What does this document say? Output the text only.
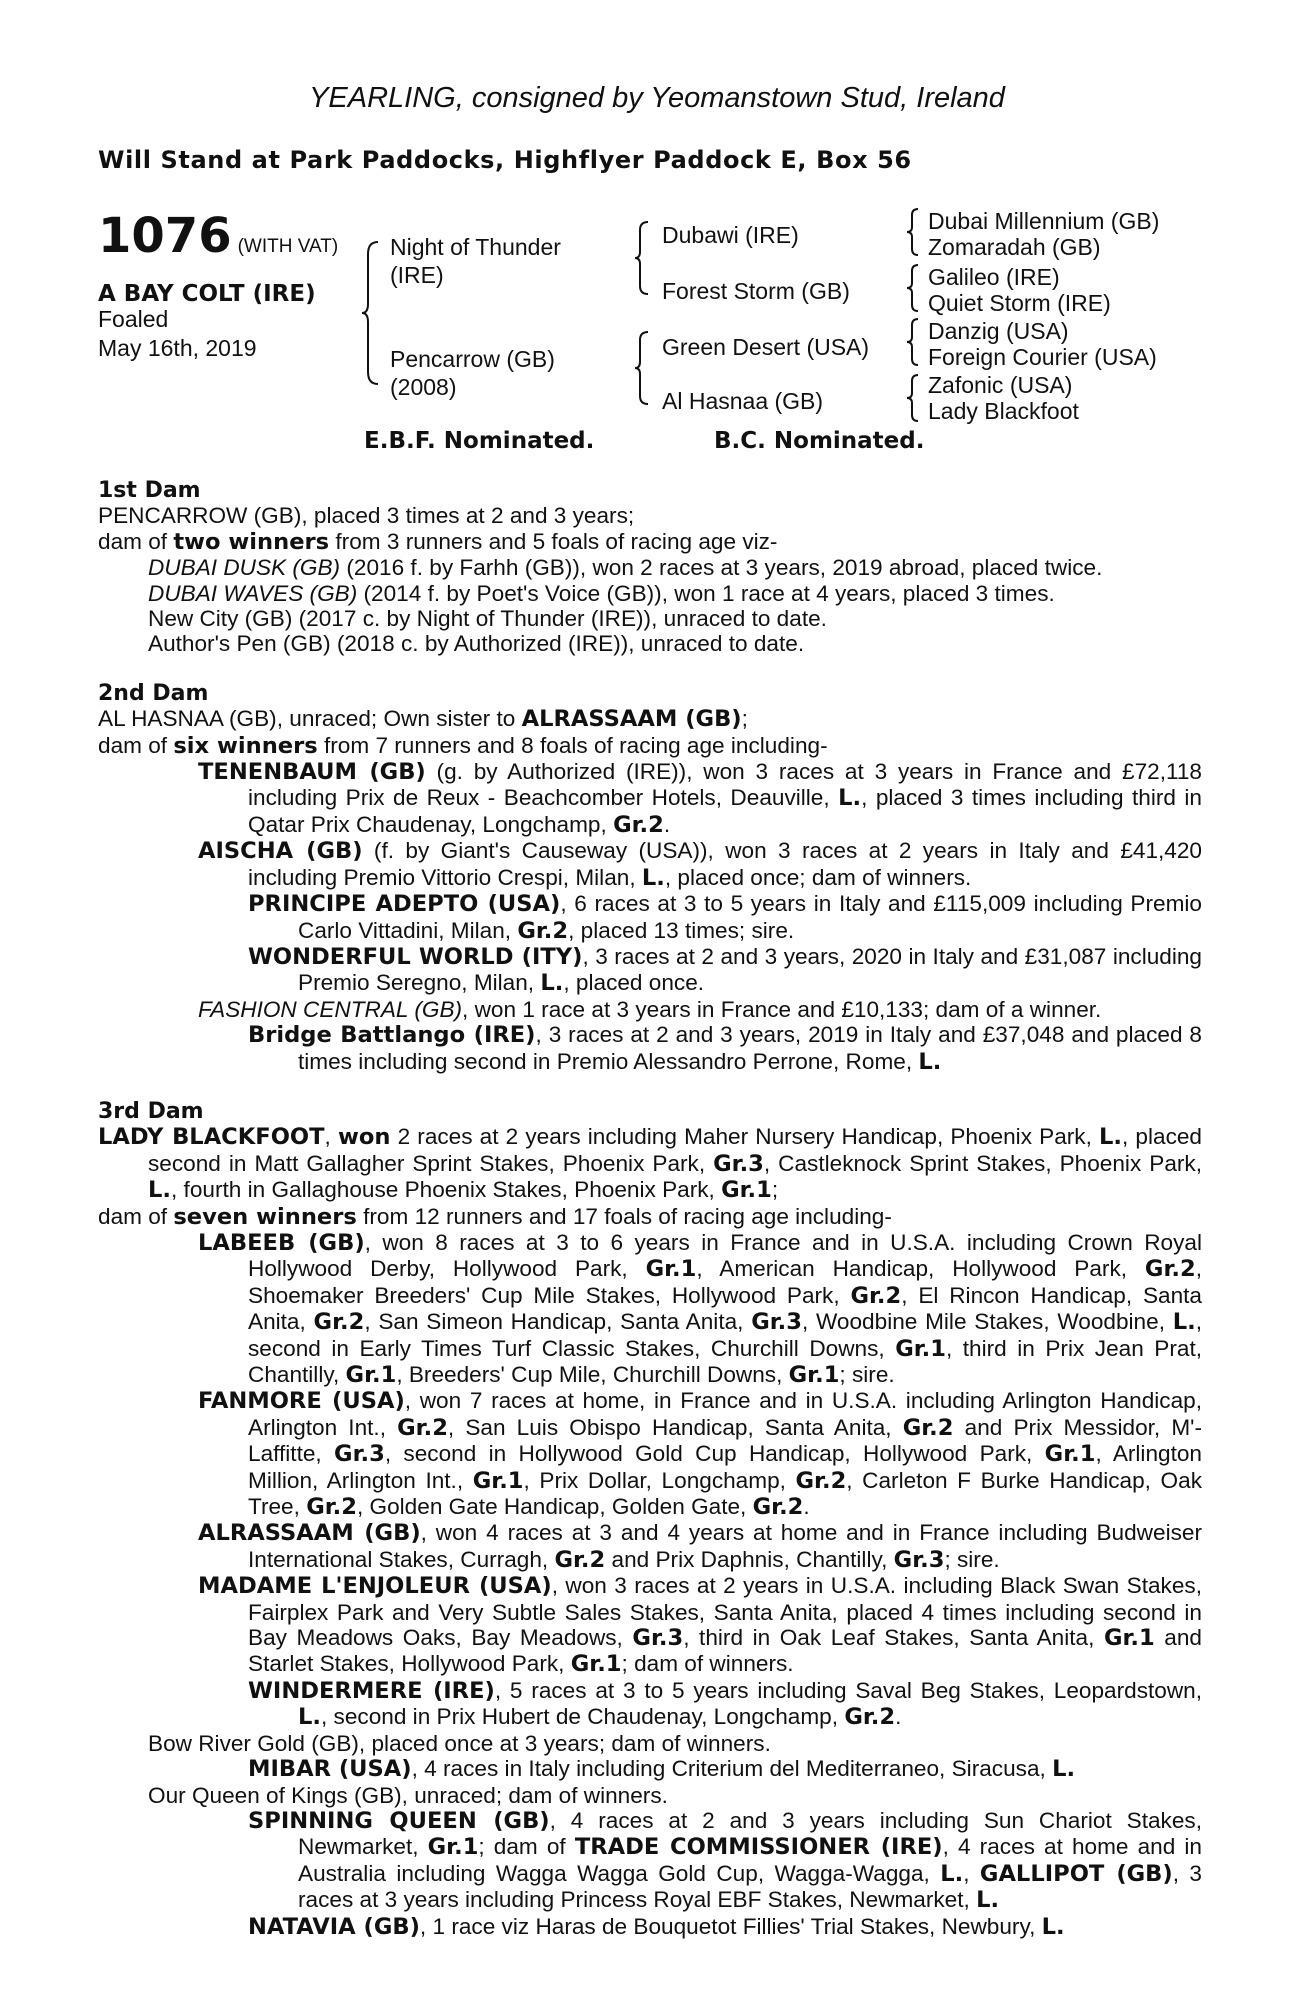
YEARLING, consigned by Yeomanstown Stud, Ireland
Will Stand at Park Paddocks, Highflyer Paddock E, Box 56
1076 (WITH VAT)
A BAY COLT (IRE)
Foaled
May 16th, 2019
Night of Thunder
(IRE)
Pencarrow (GB)
(2008)
Dubawi (IRE)
Forest Storm (GB)
Green Desert (USA)
Al Hasnaa (GB)
Dubai Millennium (GB)
Zomaradah (GB)
Galileo (IRE)
Quiet Storm (IRE)
Danzig (USA)
Foreign Courier (USA)
Zafonic (USA)
Lady Blackfoot
E.B.F. Nominated.	B.C. Nominated.

1st Dam

PENCARROW (GB), placed 3 times at 2 and 3 years;

dam of two winners from 3 runners and 5 foals of racing age viz-

DUBAI DUSK (GB) (2016 f. by Farhh (GB)), won 2 races at 3 years, 2019 abroad, placed twice.

DUBAI WAVES (GB) (2014 f. by Poet's Voice (GB)), won 1 race at 4 years, placed 3 times.

New City (GB) (2017 c. by Night of Thunder (IRE)), unraced to date.

Author's Pen (GB) (2018 c. by Authorized (IRE)), unraced to date.

2nd Dam

AL HASNAA (GB), unraced; Own sister to ALRASSAAM (GB);

dam of six winners from 7 runners and 8 foals of racing age including-

TENENBAUM (GB) (g. by Authorized (IRE)), won 3 races at 3 years in France and £72,118 including Prix de Reux - Beachcomber Hotels, Deauville, L., placed 3 times including third in Qatar Prix Chaudenay, Longchamp, Gr.2.

AISCHA (GB) (f. by Giant's Causeway (USA)), won 3 races at 2 years in Italy and £41,420 including Premio Vittorio Crespi, Milan, L., placed once; dam of winners.

PRINCIPE ADEPTO (USA), 6 races at 3 to 5 years in Italy and £115,009 including Premio Carlo Vittadini, Milan, Gr.2, placed 13 times; sire.

WONDERFUL WORLD (ITY), 3 races at 2 and 3 years, 2020 in Italy and £31,087 including Premio Seregno, Milan, L., placed once.

FASHION CENTRAL (GB), won 1 race at 3 years in France and £10,133; dam of a winner.

Bridge Battlango (IRE), 3 races at 2 and 3 years, 2019 in Italy and £37,048 and placed 8 times including second in Premio Alessandro Perrone, Rome, L.

3rd Dam

LADY BLACKFOOT, won 2 races at 2 years including Maher Nursery Handicap, Phoenix Park, L., placed second in Matt Gallagher Sprint Stakes, Phoenix Park, Gr.3, Castleknock Sprint Stakes, Phoenix Park, L., fourth in Gallaghouse Phoenix Stakes, Phoenix Park, Gr.1;

dam of seven winners from 12 runners and 17 foals of racing age including-

LABEEB (GB), won 8 races at 3 to 6 years in France and in U.S.A. including Crown Royal Hollywood Derby, Hollywood Park, Gr.1, American Handicap, Hollywood Park, Gr.2, Shoemaker Breeders' Cup Mile Stakes, Hollywood Park, Gr.2, El Rincon Handicap, Santa Anita, Gr.2, San Simeon Handicap, Santa Anita, Gr.3, Woodbine Mile Stakes, Woodbine, L., second in Early Times Turf Classic Stakes, Churchill Downs, Gr.1, third in Prix Jean Prat, Chantilly, Gr.1, Breeders' Cup Mile, Churchill Downs, Gr.1; sire.

FANMORE (USA), won 7 races at home, in France and in U.S.A. including Arlington Handicap, Arlington Int., Gr.2, San Luis Obispo Handicap, Santa Anita, Gr.2 and Prix Messidor, M'-Laffitte, Gr.3, second in Hollywood Gold Cup Handicap, Hollywood Park, Gr.1, Arlington Million, Arlington Int., Gr.1, Prix Dollar, Longchamp, Gr.2, Carleton F Burke Handicap, Oak Tree, Gr.2, Golden Gate Handicap, Golden Gate, Gr.2.

ALRASSAAM (GB), won 4 races at 3 and 4 years at home and in France including Budweiser International Stakes, Curragh, Gr.2 and Prix Daphnis, Chantilly, Gr.3; sire.

MADAME L'ENJOLEUR (USA), won 3 races at 2 years in U.S.A. including Black Swan Stakes, Fairplex Park and Very Subtle Sales Stakes, Santa Anita, placed 4 times including second in Bay Meadows Oaks, Bay Meadows, Gr.3, third in Oak Leaf Stakes, Santa Anita, Gr.1 and Starlet Stakes, Hollywood Park, Gr.1; dam of winners.

WINDERMERE (IRE), 5 races at 3 to 5 years including Saval Beg Stakes, Leopardstown, L., second in Prix Hubert de Chaudenay, Longchamp, Gr.2.

Bow River Gold (GB), placed once at 3 years; dam of winners.

MIBAR (USA), 4 races in Italy including Criterium del Mediterraneo, Siracusa, L.

Our Queen of Kings (GB), unraced; dam of winners.

SPINNING QUEEN (GB), 4 races at 2 and 3 years including Sun Chariot Stakes, Newmarket, Gr.1; dam of TRADE COMMISSIONER (IRE), 4 races at home and in Australia including Wagga Wagga Gold Cup, Wagga-Wagga, L., GALLIPOT (GB), 3 races at 3 years including Princess Royal EBF Stakes, Newmarket, L.

NATAVIA (GB), 1 race viz Haras de Bouquetot Fillies' Trial Stakes, Newbury, L.
